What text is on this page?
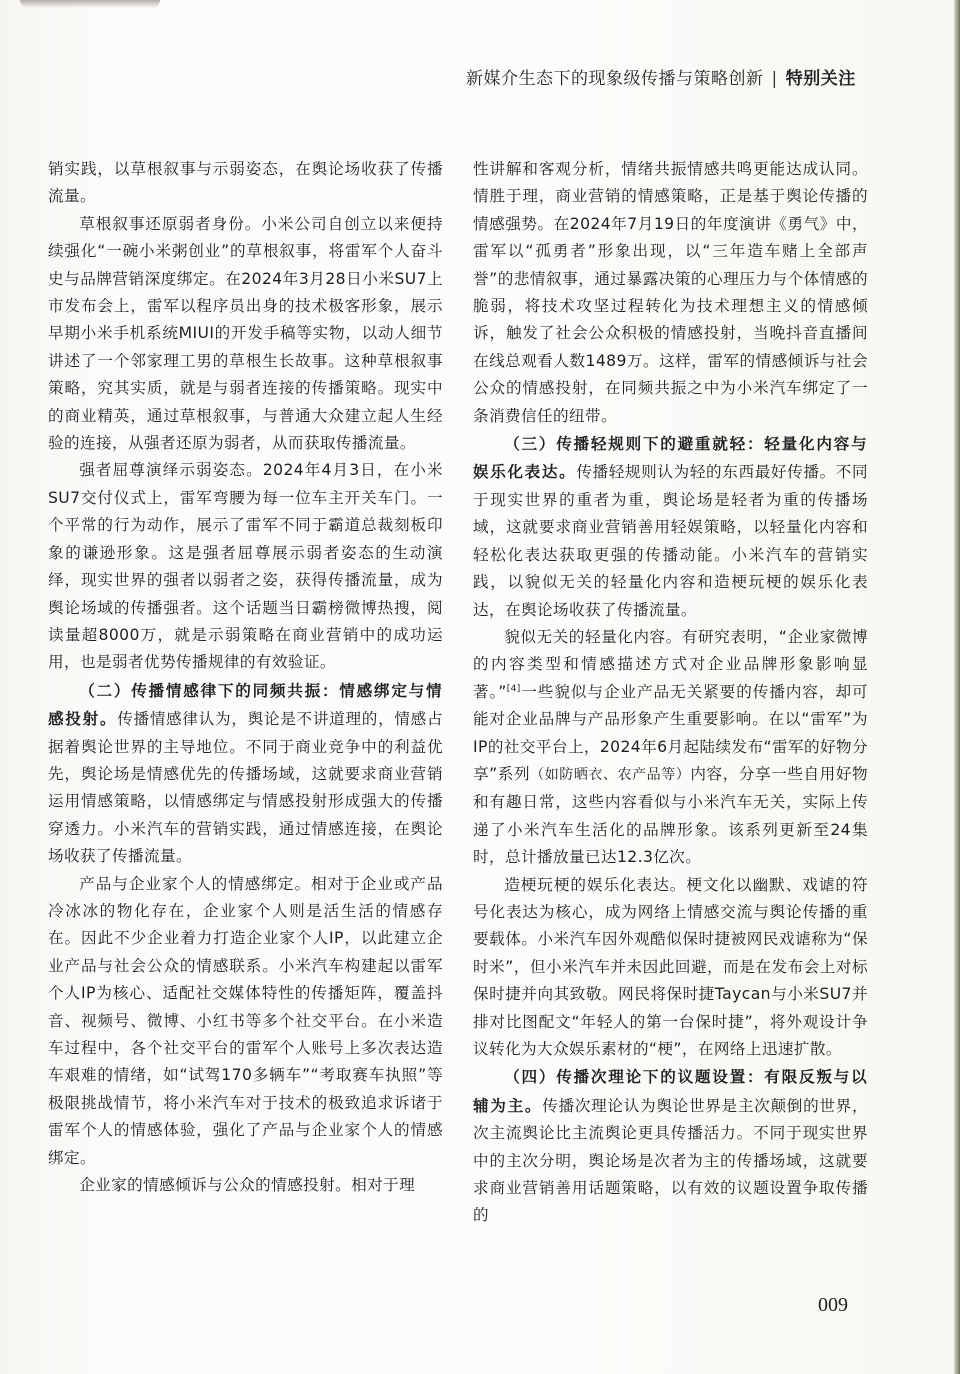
新媒介生态下的现象级传播与策略创新 | 特别关注

销实践，以草根叙事与示弱姿态，在舆论场收获了传播流量。

草根叙事还原弱者身份。小米公司自创立以来便持续强化“一碗小米粥创业”的草根叙事，将雷军个人奋斗史与品牌营销深度绑定。在2024年3月28日小米SU7上市发布会上，雷军以程序员出身的技术极客形象，展示早期小米手机系统MIUI的开发手稿等实物，以动人细节讲述了一个邻家理工男的草根生长故事。这种草根叙事策略，究其实质，就是与弱者连接的传播策略。现实中的商业精英，通过草根叙事，与普通大众建立起人生经验的连接，从强者还原为弱者，从而获取传播流量。

强者屈尊演绎示弱姿态。2024年4月3日，在小米SU7交付仪式上，雷军弯腰为每一位车主开关车门。一个平常的行为动作，展示了雷军不同于霸道总裁刻板印象的谦逊形象。这是强者屈尊展示弱者姿态的生动演绎，现实世界的强者以弱者之姿，获得传播流量，成为舆论场域的传播强者。这个话题当日霸榜微博热搜，阅读量超8000万，就是示弱策略在商业营销中的成功运用，也是弱者优势传播规律的有效验证。

（二）传播情感律下的同频共振：情感绑定与情感投射。传播情感律认为，舆论是不讲道理的，情感占据着舆论世界的主导地位。不同于商业竞争中的利益优先，舆论场是情感优先的传播场域，这就要求商业营销运用情感策略，以情感绑定与情感投射形成强大的传播穿透力。小米汽车的营销实践，通过情感连接，在舆论场收获了传播流量。

产品与企业家个人的情感绑定。相对于企业或产品冷冰冰的物化存在，企业家个人则是活生活的情感存在。因此不少企业着力打造企业家个人IP，以此建立企业产品与社会公众的情感联系。小米汽车构建起以雷军个人IP为核心、适配社交媒体特性的传播矩阵，覆盖抖音、视频号、微博、小红书等多个社交平台。在小米造车过程中，各个社交平台的雷军个人账号上多次表达造车艰难的情绪，如“试驾170多辆车”“考取赛车执照”等极限挑战情节，将小米汽车对于技术的极致追求诉诸于雷军个人的情感体验，强化了产品与企业家个人的情感绑定。

企业家的情感倾诉与公众的情感投射。相对于理

性讲解和客观分析，情绪共振情感共鸣更能达成认同。情胜于理，商业营销的情感策略，正是基于舆论传播的情感强势。在2024年7月19日的年度演讲《勇气》中，雷军以“孤勇者”形象出现，以“三年造车赌上全部声誉”的悲情叙事，通过暴露决策的心理压力与个体情感的脆弱，将技术攻坚过程转化为技术理想主义的情感倾诉，触发了社会公众积极的情感投射，当晚抖音直播间在线总观看人数1489万。这样，雷军的情感倾诉与社会公众的情感投射，在同频共振之中为小米汽车绑定了一条消费信任的纽带。

（三）传播轻规则下的避重就轻：轻量化内容与娱乐化表达。传播轻规则认为轻的东西最好传播。不同于现实世界的重者为重，舆论场是轻者为重的传播场域，这就要求商业营销善用轻娱策略，以轻量化内容和轻松化表达获取更强的传播动能。小米汽车的营销实践，以貌似无关的轻量化内容和造梗玩梗的娱乐化表达，在舆论场收获了传播流量。

貌似无关的轻量化内容。有研究表明，“企业家微博的内容类型和情感描述方式对企业品牌形象影响显著。”[4]一些貌似与企业产品无关紧要的传播内容，却可能对企业品牌与产品形象产生重要影响。在以“雷军”为IP的社交平台上，2024年6月起陆续发布“雷军的好物分享”系列（如防晒衣、农产品等）内容，分享一些自用好物和有趣日常，这些内容看似与小米汽车无关，实际上传递了小米汽车生活化的品牌形象。该系列更新至24集时，总计播放量已达12.3亿次。

造梗玩梗的娱乐化表达。梗文化以幽默、戏谑的符号化表达为核心，成为网络上情感交流与舆论传播的重要载体。小米汽车因外观酷似保时捷被网民戏谑称为“保时米”，但小米汽车并未因此回避，而是在发布会上对标保时捷并向其致敬。网民将保时捷Taycan与小米SU7并排对比图配文“年轻人的第一台保时捷”，将外观设计争议转化为大众娱乐素材的“梗”，在网络上迅速扩散。

（四）传播次理论下的议题设置：有限反叛与以辅为主。传播次理论认为舆论世界是主次颠倒的世界，次主流舆论比主流舆论更具传播活力。不同于现实世界中的主次分明，舆论场是次者为主的传播场域，这就要求商业营销善用话题策略，以有效的议题设置争取传播的

009
